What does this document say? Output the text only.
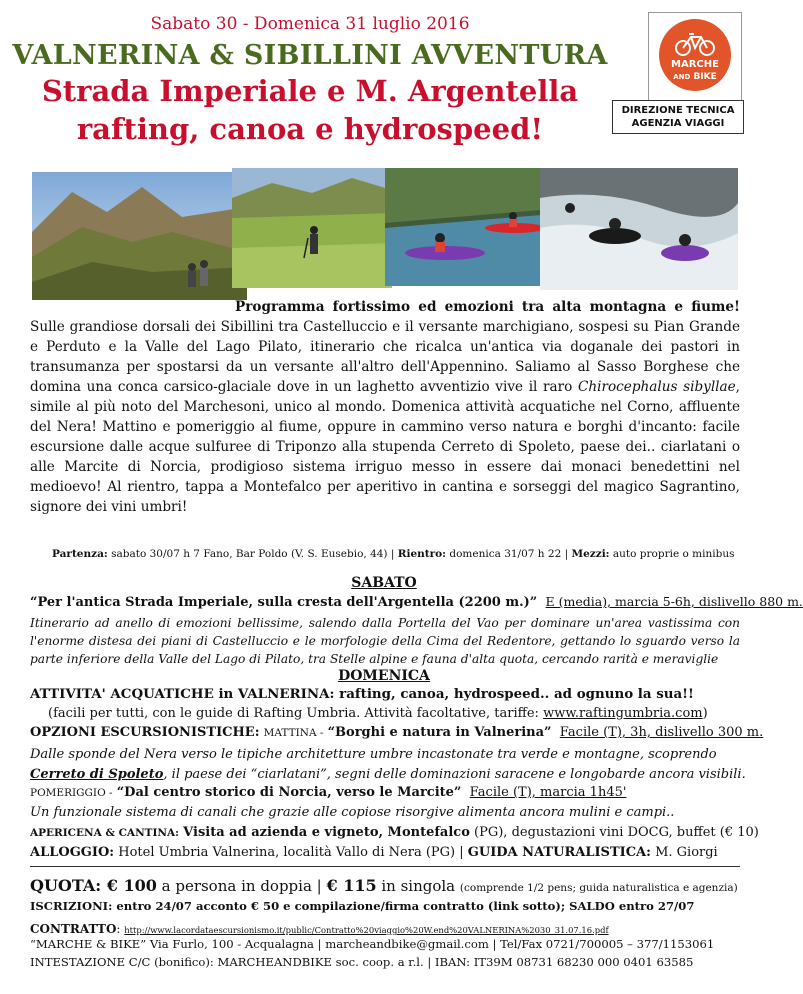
Sabato 30 - Domenica 31 luglio 2016
VALNERINA & SIBILLINI AVVENTURA
Strada Imperiale e M. Argentella
rafting, canoa e hydrospeed!
MARCHE
AND BIKE
DIREZIONE TECNICA
AGENZIA VIAGGI
Programma fortissimo ed emozioni tra alta montagna e fiume! Sulle grandiose dorsali dei Sibillini tra Castelluccio e il versante marchigiano, sospesi su Pian Grande e Perduto e la Valle del Lago Pilato, itinerario che ricalca un'antica via doganale dei pastori in transumanza per spostarsi da un versante all'altro dell'Appennino. Saliamo al Sasso Borghese che domina una conca carsico-glaciale dove in un laghetto avventizio vive il raro Chirocephalus sibyllae, simile al più noto del Marchesoni, unico al mondo. Domenica attività acquatiche nel Corno, affluente del Nera! Mattino e pomeriggio al fiume, oppure in cammino verso natura e borghi d'incanto: facile escursione dalle acque sulfuree di Triponzo alla stupenda Cerreto di Spoleto, paese dei.. ciarlatani o alle Marcite di Norcia, prodigioso sistema irriguo messo in essere dai monaci benedettini nel medioevo! Al rientro, tappa a Montefalco per aperitivo in cantina e sorseggi del magico Sagrantino, signore dei vini umbri!
Partenza: sabato 30/07 h 7 Fano, Bar Poldo (V. S. Eusebio, 44) | Rientro: domenica 31/07 h 22 | Mezzi: auto proprie o minibus
SABATO
“Per l'antica Strada Imperiale, sulla cresta dell'Argentella (2200 m.)” E (media), marcia 5-6h, dislivello 880 m.
Itinerario ad anello di emozioni bellissime, salendo dalla Portella del Vao per dominare un'area vastissima con l'enorme distesa dei piani di Castelluccio e le morfologie della Cima del Redentore, gettando lo sguardo verso la parte inferiore della Valle del Lago di Pilato, tra Stelle alpine e fauna d'alta quota, cercando rarità e meraviglie
DOMENICA
ATTIVITA' ACQUATICHE in VALNERINA: rafting, canoa, hydrospeed.. ad ognuno la sua!!
(facili per tutti, con le guide di Rafting Umbria. Attività facoltative, tariffe: www.raftingumbria.com)
OPZIONI ESCURSIONISTICHE: MATTINA - “Borghi e natura in Valnerina” Facile (T), 3h, dislivello 300 m.
Dalle sponde del Nera verso le tipiche architetture umbre incastonate tra verde e montagne, scoprendo Cerreto di Spoleto, il paese dei “ciarlatani”, segni delle dominazioni saracene e longobarde ancora visibili.
POMERIGGIO - “Dal centro storico di Norcia, verso le Marcite” Facile (T), marcia 1h45'
Un funzionale sistema di canali che grazie alle copiose risorgive alimenta ancora mulini e campi..
APERICENA & CANTINA: Visita ad azienda e vigneto, Montefalco (PG), degustazioni vini DOCG, buffet (€ 10)
ALLOGGIO: Hotel Umbria Valnerina, località Vallo di Nera (PG) | GUIDA NATURALISTICA: M. Giorgi
QUOTA: € 100 a persona in doppia | € 115 in singola (comprende 1/2 pens; guida naturalistica e agenzia)
ISCRIZIONI: entro 24/07 acconto € 50 e compilazione/firma contratto (link sotto); SALDO entro 27/07
CONTRATTO: http://www.lacordataescursionismo.it/public/Contratto%20viaggio%20W.end%20VALNERINA%2030_31.07.16.pdf
“MARCHE & BIKE” Via Furlo, 100 - Acqualagna | marcheandbike@gmail.com | Tel/Fax 0721/700005 – 377/1153061
INTESTAZIONE C/C (bonifico): MARCHEANDBIKE soc. coop. a r.l. | IBAN: IT39M 08731 68230 000 0401 63585
